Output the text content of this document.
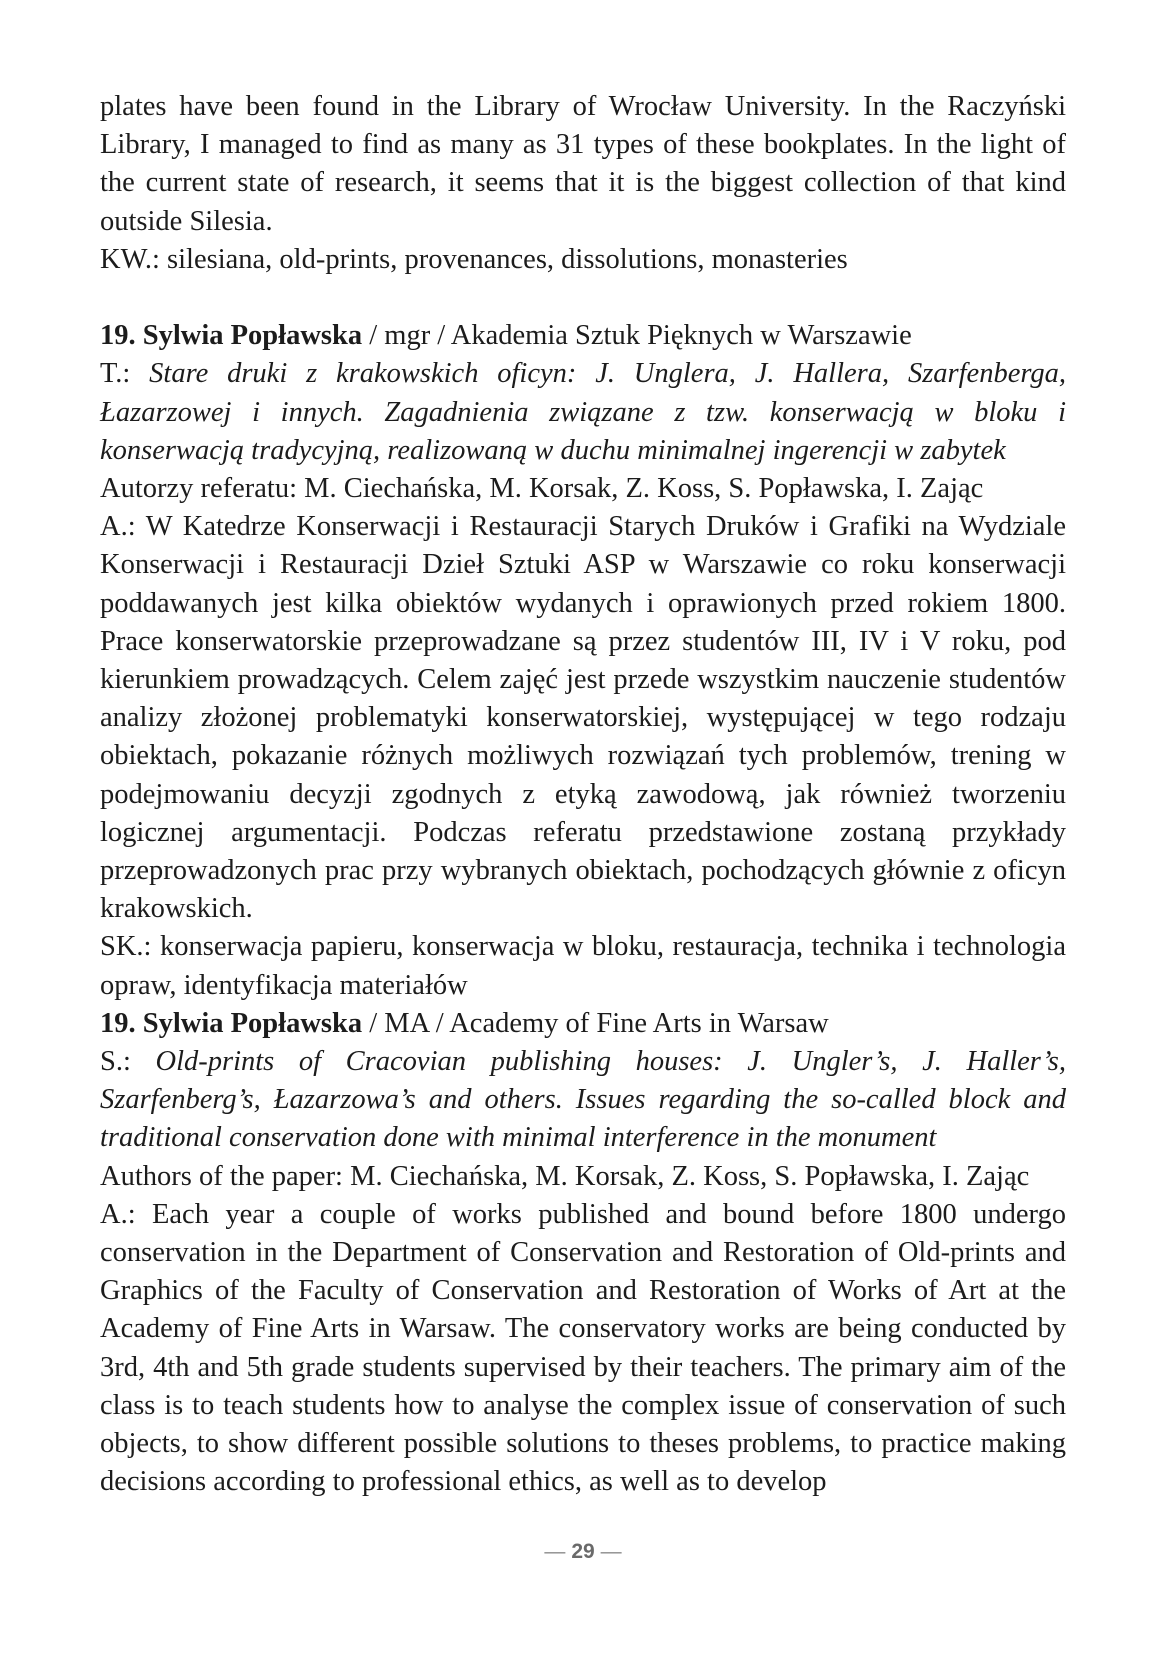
plates have been found in the Library of Wrocław University. In the Raczyński Library, I managed to find as many as 31 types of these bookplates. In the light of the current state of research, it seems that it is the biggest collection of that kind outside Silesia.

KW.: silesiana, old-prints, provenances, dissolutions, monasteries

19. Sylwia Popławska / mgr / Akademia Sztuk Pięknych w Warszawie

T.: Stare druki z krakowskich oficyn: J. Unglera, J. Hallera, Szarfenberga, Łazarzowej i innych. Zagadnienia związane z tzw. konserwacją w bloku i konserwacją tradycyjną, realizowaną w duchu minimalnej ingerencji w zabytek

Autorzy referatu: M. Ciechańska, M. Korsak, Z. Koss, S. Popławska, I. Zając

A.: W Katedrze Konserwacji i Restauracji Starych Druków i Grafiki na Wydziale Konserwacji i Restauracji Dzieł Sztuki ASP w Warszawie co roku konserwacji poddawanych jest kilka obiektów wydanych i oprawionych przed rokiem 1800. Prace konserwatorskie przeprowadzane są przez studentów III, IV i V roku, pod kierunkiem prowadzących. Celem zajęć jest przede wszystkim nauczenie studentów analizy złożonej problematyki konserwatorskiej, występującej w tego rodzaju obiektach, pokazanie różnych możliwych rozwiązań tych problemów, trening w podejmowaniu decyzji zgodnych z etyką zawodową, jak również tworzeniu logicznej argumentacji. Podczas referatu przedstawione zostaną przykłady przeprowadzonych prac przy wybranych obiektach, pochodzących głównie z oficyn krakowskich.

SK.: konserwacja papieru, konserwacja w bloku, restauracja, technika i technologia opraw, identyfikacja materiałów

19. Sylwia Popławska / MA / Academy of Fine Arts in Warsaw

S.: Old-prints of Cracovian publishing houses: J. Ungler’s, J. Haller’s, Szarfenberg’s, Łazarzowa’s and others. Issues regarding the so-called block and traditional conservation done with minimal interference in the monument

Authors of the paper: M. Ciechańska, M. Korsak, Z. Koss, S. Popławska, I. Zając

A.: Each year a couple of works published and bound before 1800 undergo conservation in the Department of Conservation and Restoration of Old-prints and Graphics of the Faculty of Conservation and Restoration of Works of Art at the Academy of Fine Arts in Warsaw. The conservatory works are being conducted by 3rd, 4th and 5th grade students supervised by their teachers. The primary aim of the class is to teach students how to analyse the complex issue of conservation of such objects, to show different possible solutions to theses problems, to practice making decisions according to professional ethics, as well as to develop

— 29 —
